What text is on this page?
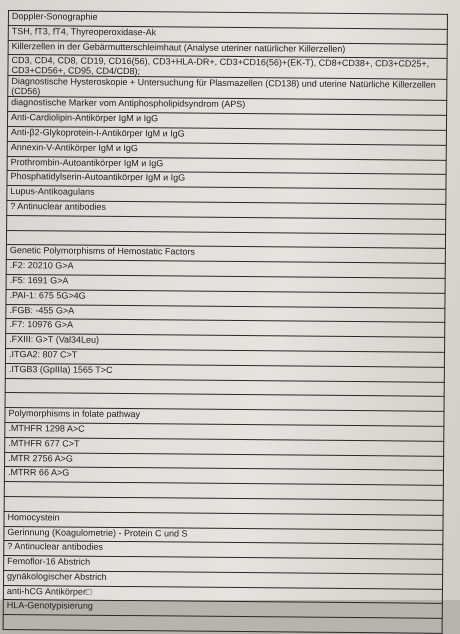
Doppler-Sonographie
TSH, fT3, fT4, Thyreoperoxidase-Ak
Killerzellen in der Gebärmutterschleimhaut (Analyse uteriner natürlicher Killerzellen)
CD3, CD4, CD8, CD19, CD16(56), CD3+HLA-DR+, CD3+CD16(56)+(EK-T), CD8+CD38+, CD3+CD25+, CD3+CD56+, CD95, CD4/CD8);
Diagnostische Hysteroskopie + Untersuchung für Plasmazellen (CD138) und uterine Natürliche Killerzellen (CD56)
diagnostische Marker vom Antiphospholipidsyndrom (APS)
Anti-Cardiolipin-Antikörper IgM и IgG
Anti-β2-Glykoprotein-I-Antikörper IgM и IgG
Annexin-V-Antikörper IgM и IgG
Prothrombin-Autoantikörper IgM и IgG
Phosphatidylserin-Autoantikörper IgM и IgG
Lupus-Antikoagulans
? Antinuclear antibodies

Genetic Polymorphisms of Hemostatic Factors
.F2: 20210 G>A
.F5: 1691 G>A
.PAI-1: 675 5G>4G
.FGB: -455 G>A
.F7: 10976 G>A
.FXIII: G>T (Val34Leu)
.ITGA2: 807 C>T
.ITGB3 (GpIIIa) 1565 T>C

Polymorphisms in folate pathway
.MTHFR 1298 A>C
.MTHFR 677 C>T
.MTR 2756 A>G
.MTRR 66 A>G

Homocystein
Gerinnung (Koagulometrie) - Protein C und S
? Antinuclear antibodies
Femoflor-16 Abstrich
gynäkologischer Abstrich
anti-hCG Antikörper□
HLA-Genotypisierung
